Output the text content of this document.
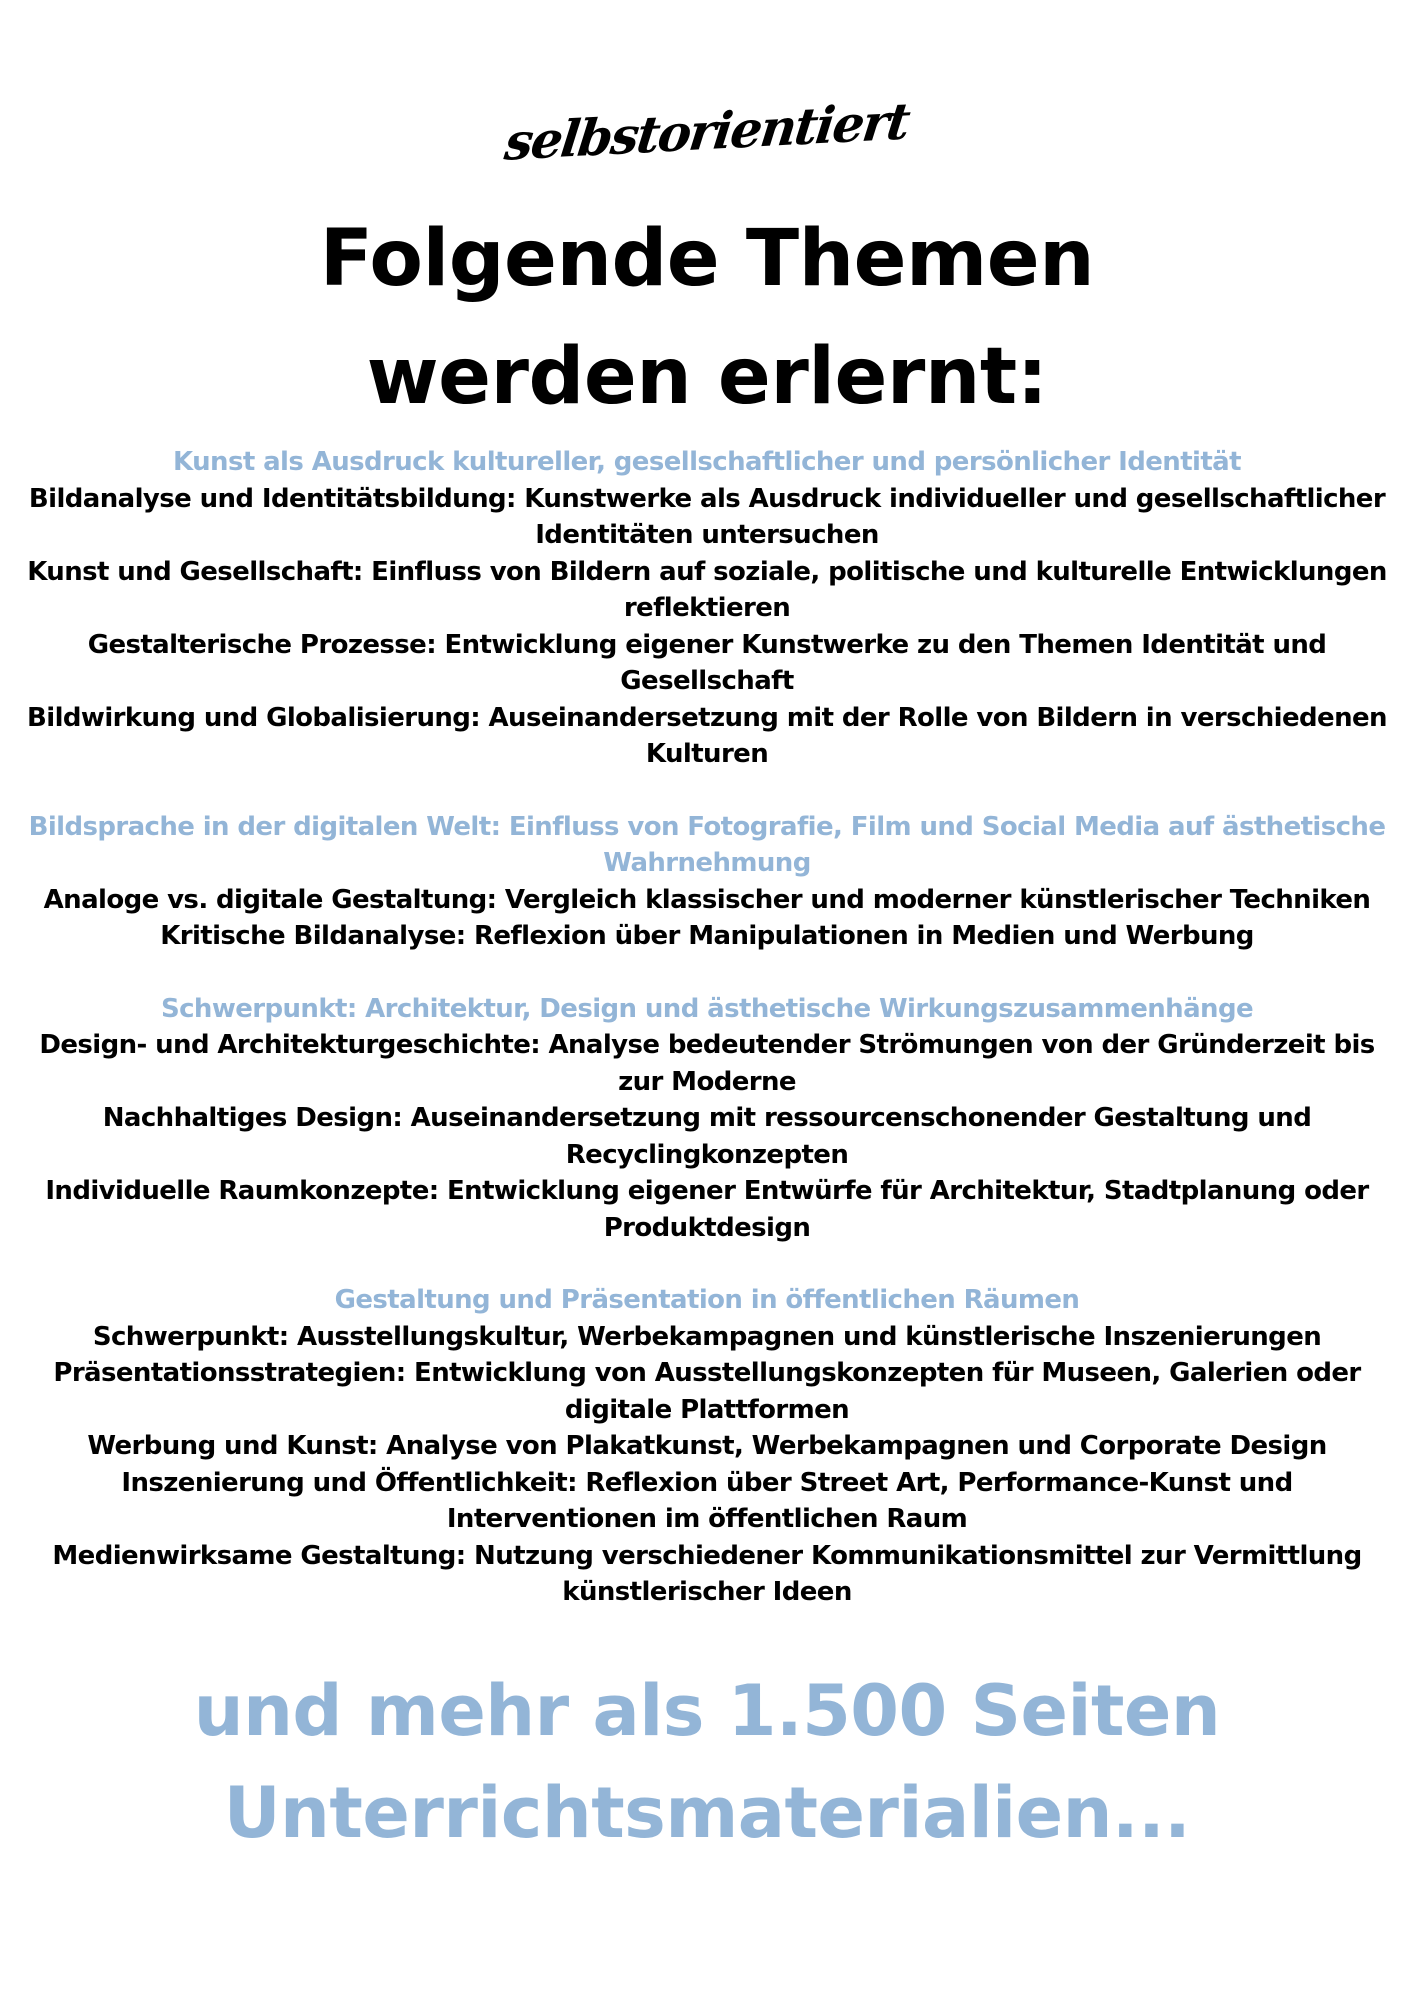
selbstorientiert
Folgende Themen
werden erlernt:
Kunst als Ausdruck kultureller, gesellschaftlicher und persönlicher Identität
Bildanalyse und Identitätsbildung: Kunstwerke als Ausdruck individueller und gesellschaftlicher Identitäten untersuchen
Kunst und Gesellschaft: Einfluss von Bildern auf soziale, politische und kulturelle Entwicklungen reflektieren
Gestalterische Prozesse: Entwicklung eigener Kunstwerke zu den Themen Identität und Gesellschaft
Bildwirkung und Globalisierung: Auseinandersetzung mit der Rolle von Bildern in verschiedenen Kulturen
Bildsprache in der digitalen Welt: Einfluss von Fotografie, Film und Social Media auf ästhetische Wahrnehmung
Analoge vs. digitale Gestaltung: Vergleich klassischer und moderner künstlerischer Techniken
Kritische Bildanalyse: Reflexion über Manipulationen in Medien und Werbung
Schwerpunkt: Architektur, Design und ästhetische Wirkungszusammenhänge
Design- und Architekturgeschichte: Analyse bedeutender Strömungen von der Gründerzeit bis zur Moderne
Nachhaltiges Design: Auseinandersetzung mit ressourcenschonender Gestaltung und Recyclingkonzepten
Individuelle Raumkonzepte: Entwicklung eigener Entwürfe für Architektur, Stadtplanung oder Produktdesign
Gestaltung und Präsentation in öffentlichen Räumen
Schwerpunkt: Ausstellungskultur, Werbekampagnen und künstlerische Inszenierungen
Präsentationsstrategien: Entwicklung von Ausstellungskonzepten für Museen, Galerien oder digitale Plattformen
Werbung und Kunst: Analyse von Plakatkunst, Werbekampagnen und Corporate Design
Inszenierung und Öffentlichkeit: Reflexion über Street Art, Performance-Kunst und Interventionen im öffentlichen Raum
Medienwirksame Gestaltung: Nutzung verschiedener Kommunikationsmittel zur Vermittlung künstlerischer Ideen
und mehr als 1.500 Seiten
Unterrichtsmaterialien...
